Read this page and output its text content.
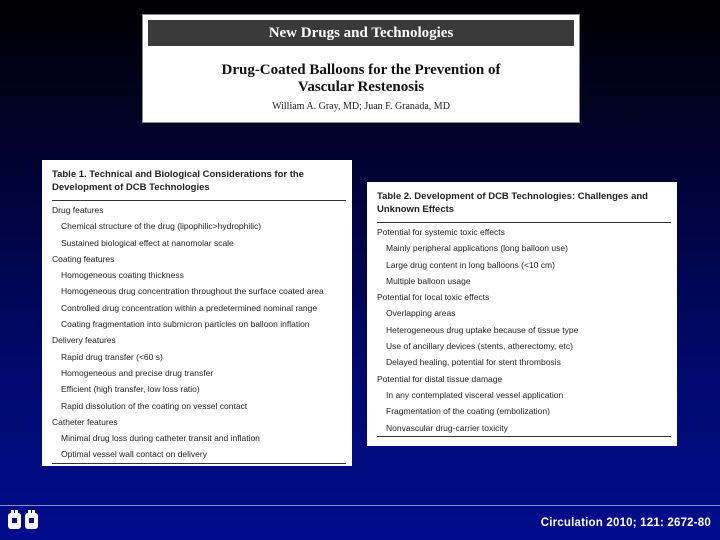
New Drugs and Technologies
Drug-Coated Balloons for the Prevention of
Vascular Restenosis
William A. Gray, MD; Juan F. Granada, MD
Table 1. Technical and Biological Considerations for the
Development of DCB Technologies
Drug features
Chemical structure of the drug (lipophilic>hydrophilic)
Sustained biological effect at nanomolar scale
Coating features
Homogeneous coating thickness
Homogeneous drug concentration throughout the surface coated area
Controlled drug concentration within a predetermined nominal range
Coating fragmentation into submicron particles on balloon inflation
Delivery features
Rapid drug transfer (<60 s)
Homogeneous and precise drug transfer
Efficient (high transfer, low loss ratio)
Rapid dissolution of the coating on vessel contact
Catheter features
Minimal drug loss during catheter transit and inflation
Optimal vessel wall contact on delivery
Table 2. Development of DCB Technologies: Challenges and
Unknown Effects
Potential for systemic toxic effects
Mainly peripheral applications (long balloon use)
Large drug content in long balloons (<10 cm)
Multiple balloon usage
Potential for local toxic effects
Overlapping areas
Heterogeneous drug uptake because of tissue type
Use of ancillary devices (stents, atherectomy, etc)
Delayed healing, potential for stent thrombosis
Potential for distal tissue damage
In any contemplated visceral vessel application
Fragmentation of the coating (embolization)
Nonvascular drug-carrier toxicity
Circulation 2010; 121: 2672-80
